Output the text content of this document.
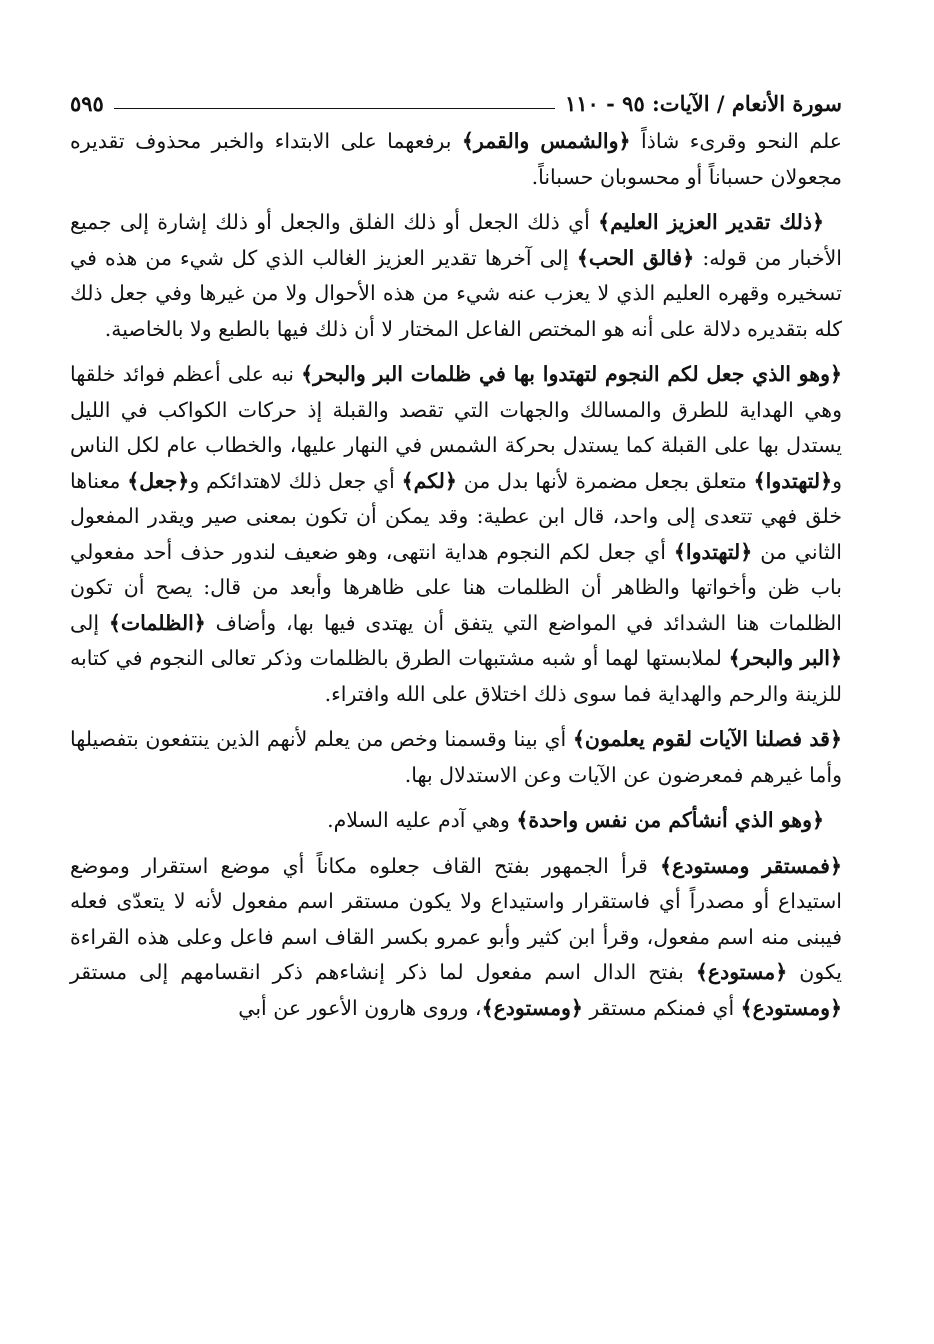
سورة الأنعام / الآيات: ٩٥ - ١١٠
٥٩٥

علم النحو وقرىء شاذاً ﴿والشمس والقمر﴾ برفعهما على الابتداء والخبر محذوف تقديره مجعولان حسباناً أو محسوبان حسباناً.

﴿ذلك تقدير العزيز العليم﴾ أي ذلك الجعل أو ذلك الفلق والجعل أو ذلك إشارة إلى جميع الأخبار من قوله: ﴿فالق الحب﴾ إلى آخرها تقدير العزيز الغالب الذي كل شيء من هذه في تسخيره وقهره العليم الذي لا يعزب عنه شيء من هذه الأحوال ولا من غيرها وفي جعل ذلك كله بتقديره دلالة على أنه هو المختص الفاعل المختار لا أن ذلك فيها بالطبع ولا بالخاصية.

﴿وهو الذي جعل لكم النجوم لتهتدوا بها في ظلمات البر والبحر﴾ نبه على أعظم فوائد خلقها وهي الهداية للطرق والمسالك والجهات التي تقصد والقبلة إذ حركات الكواكب في الليل يستدل بها على القبلة كما يستدل بحركة الشمس في النهار عليها، والخطاب عام لكل الناس و﴿لتهتدوا﴾ متعلق بجعل مضمرة لأنها بدل من ﴿لكم﴾ أي جعل ذلك لاهتدائكم و﴿جعل﴾ معناها خلق فهي تتعدى إلى واحد، قال ابن عطية: وقد يمكن أن تكون بمعنى صير ويقدر المفعول الثاني من ﴿لتهتدوا﴾ أي جعل لكم النجوم هداية انتهى، وهو ضعيف لندور حذف أحد مفعولي باب ظن وأخواتها والظاهر أن الظلمات هنا على ظاهرها وأبعد من قال: يصح أن تكون الظلمات هنا الشدائد في المواضع التي يتفق أن يهتدى فيها بها، وأضاف ﴿الظلمات﴾ إلى ﴿البر والبحر﴾ لملابستها لهما أو شبه مشتبهات الطرق بالظلمات وذكر تعالى النجوم في كتابه للزينة والرحم والهداية فما سوى ذلك اختلاق على الله وافتراء.

﴿قد فصلنا الآيات لقوم يعلمون﴾ أي بينا وقسمنا وخص من يعلم لأنهم الذين ينتفعون بتفصيلها وأما غيرهم فمعرضون عن الآيات وعن الاستدلال بها.

﴿وهو الذي أنشأكم من نفس واحدة﴾ وهي آدم عليه السلام.

﴿فمستقر ومستودع﴾ قرأ الجمهور بفتح القاف جعلوه مكاناً أي موضع استقرار وموضع استيداع أو مصدراً أي فاستقرار واستيداع ولا يكون مستقر اسم مفعول لأنه لا يتعدّى فعله فيبنى منه اسم مفعول، وقرأ ابن كثير وأبو عمرو بكسر القاف اسم فاعل وعلى هذه القراءة يكون ﴿مستودع﴾ بفتح الدال اسم مفعول لما ذكر إنشاءهم ذكر انقسامهم إلى مستقر ﴿ومستودع﴾ أي فمنكم مستقر ﴿ومستودع﴾، وروى هارون الأعور عن أبي
